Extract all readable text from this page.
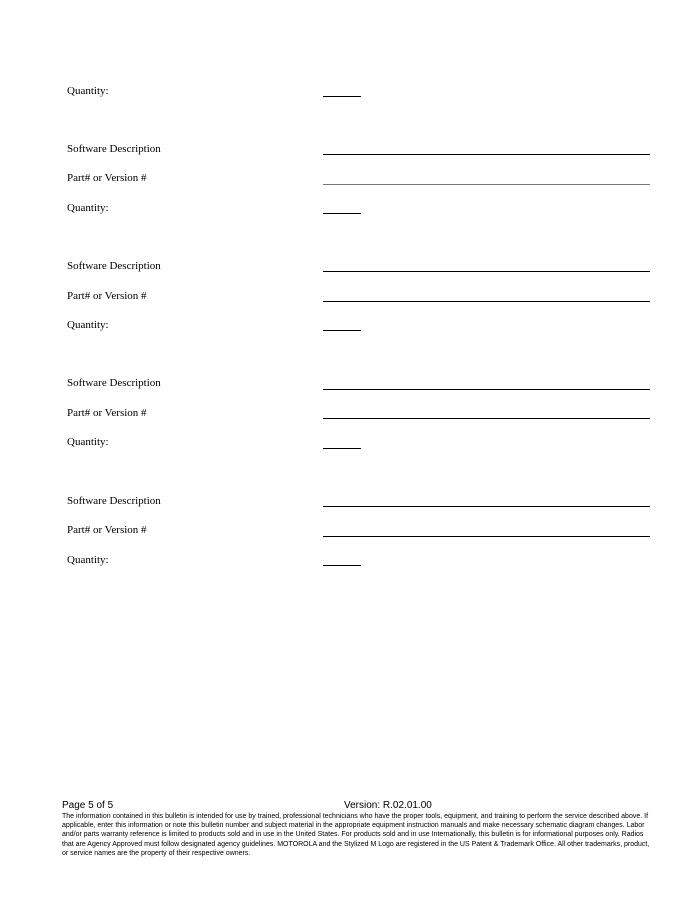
Quantity:
Software Description
Part# or Version #
Quantity:
Software Description
Part# or Version #
Quantity:
Software Description
Part# or Version #
Quantity:
Software Description
Part# or Version #
Quantity:
Page 5 of 5	Version: R.02.01.00
The information contained in this bulletin is intended for use by trained, professional technicians who have the proper tools, equipment, and training to perform the service described above. If applicable, enter this information or note this bulletin number and subject material in the appropriate equipment instruction manuals and make necessary schematic diagram changes. Labor and/or parts warranty reference is limited to products sold and in use in the United States. For products sold and in use Internationally, this bulletin is for informational purposes only. Radios that are Agency Approved must follow designated agency guidelines. MOTOROLA and the Stylized M Logo are registered in the US Patent & Trademark Office. All other trademarks, product, or service names are the property of their respective owners.
